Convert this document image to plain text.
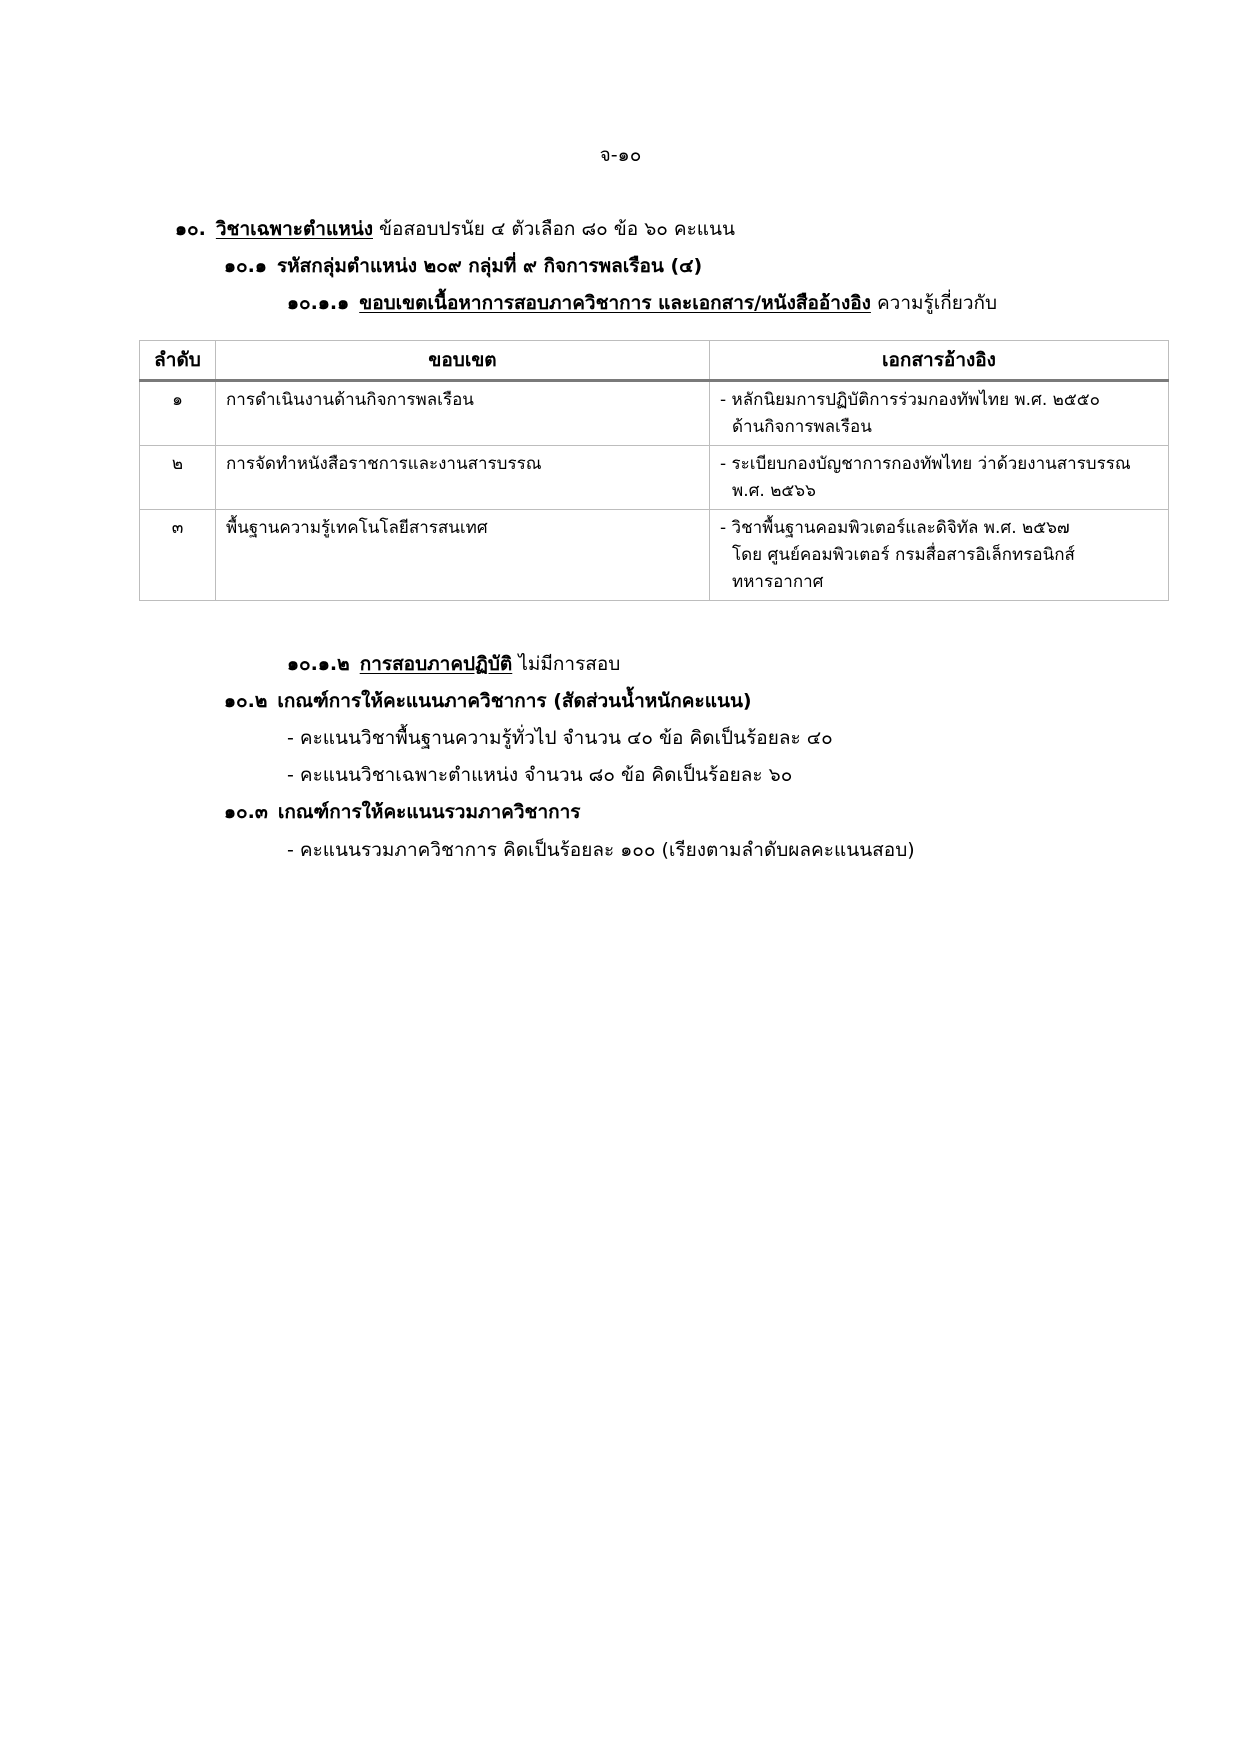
จ-๑๐
๑๐. วิชาเฉพาะตำแหน่ง ข้อสอบปรนัย ๔ ตัวเลือก ๘๐ ข้อ ๖๐ คะแนน
๑๐.๑ รหัสกลุ่มตำแหน่ง ๒๐๙ กลุ่มที่ ๙ กิจการพลเรือน (๔)
๑๐.๑.๑ ขอบเขตเนื้อหาการสอบภาควิชาการ และเอกสาร/หนังสืออ้างอิง ความรู้เกี่ยวกับ
ลำดับ	ขอบเขต	เอกสารอ้างอิง
๑	การดำเนินงานด้านกิจการพลเรือน	- หลักนิยมการปฏิบัติการร่วมกองทัพไทย พ.ศ. ๒๕๕๐
ด้านกิจการพลเรือน

๒	การจัดทำหนังสือราชการและงานสารบรรณ	- ระเบียบกองบัญชาการกองทัพไทย ว่าด้วยงานสารบรรณ
พ.ศ. ๒๕๖๖

๓	พื้นฐานความรู้เทคโนโลยีสารสนเทศ	- วิชาพื้นฐานคอมพิวเตอร์และดิจิทัล พ.ศ. ๒๕๖๗
โดย ศูนย์คอมพิวเตอร์ กรมสื่อสารอิเล็กทรอนิกส์
ทหารอากาศ
๑๐.๑.๒ การสอบภาคปฏิบัติ ไม่มีการสอบ
๑๐.๒ เกณฑ์การให้คะแนนภาควิชาการ (สัดส่วนน้ำหนักคะแนน)
- คะแนนวิชาพื้นฐานความรู้ทั่วไป จำนวน ๔๐ ข้อ คิดเป็นร้อยละ ๔๐
- คะแนนวิชาเฉพาะตำแหน่ง จำนวน ๘๐ ข้อ คิดเป็นร้อยละ ๖๐
๑๐.๓ เกณฑ์การให้คะแนนรวมภาควิชาการ
- คะแนนรวมภาควิชาการ คิดเป็นร้อยละ ๑๐๐ (เรียงตามลำดับผลคะแนนสอบ)
